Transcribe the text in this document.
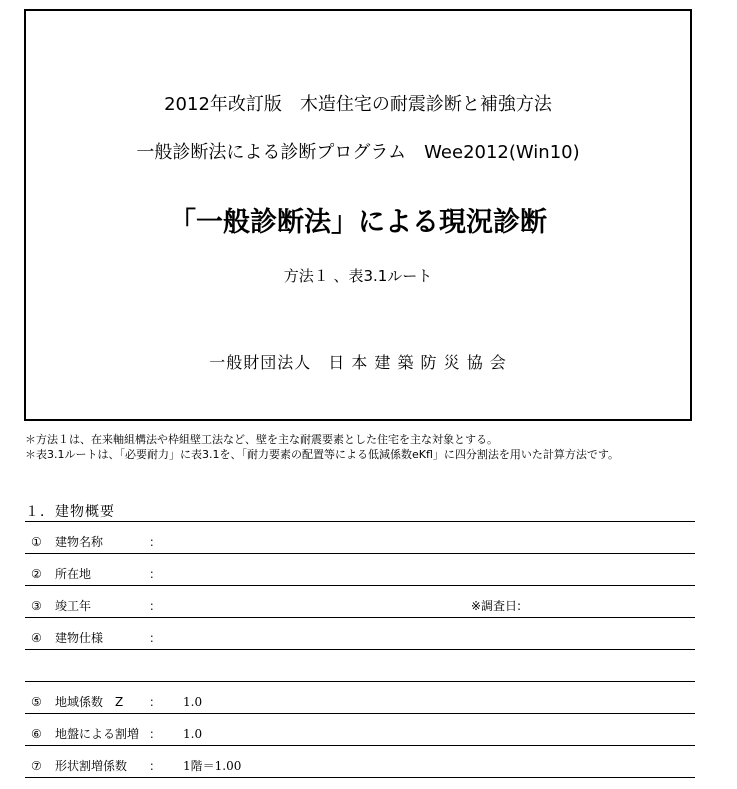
2012年改訂版　木造住宅の耐震診断と補強方法
一般診断法による診断プログラム　Wee2012(Win10)
「一般診断法」による現況診断
方法１ 、表3.1ルート
一般財団法人　日 本 建 築 防 災 協 会
＊方法１は、在来軸組構法や枠組壁工法など、壁を主な耐震要素とした住宅を主な対象とする。
＊表3.1ルートは、「必要耐力」に表3.1を、「耐力要素の配置等による低減係数eKfl」に四分割法を用いた計算方法です。
１．建物概要
① 建物名称	：
② 所在地	：
③ 竣工年	：	※調査日:
④ 建物仕様	：
⑤ 地域係数　Z ： 1.0
⑥ 地盤による割増 ： 1.0
⑦ 形状割増係数 ： 1階＝1.00
